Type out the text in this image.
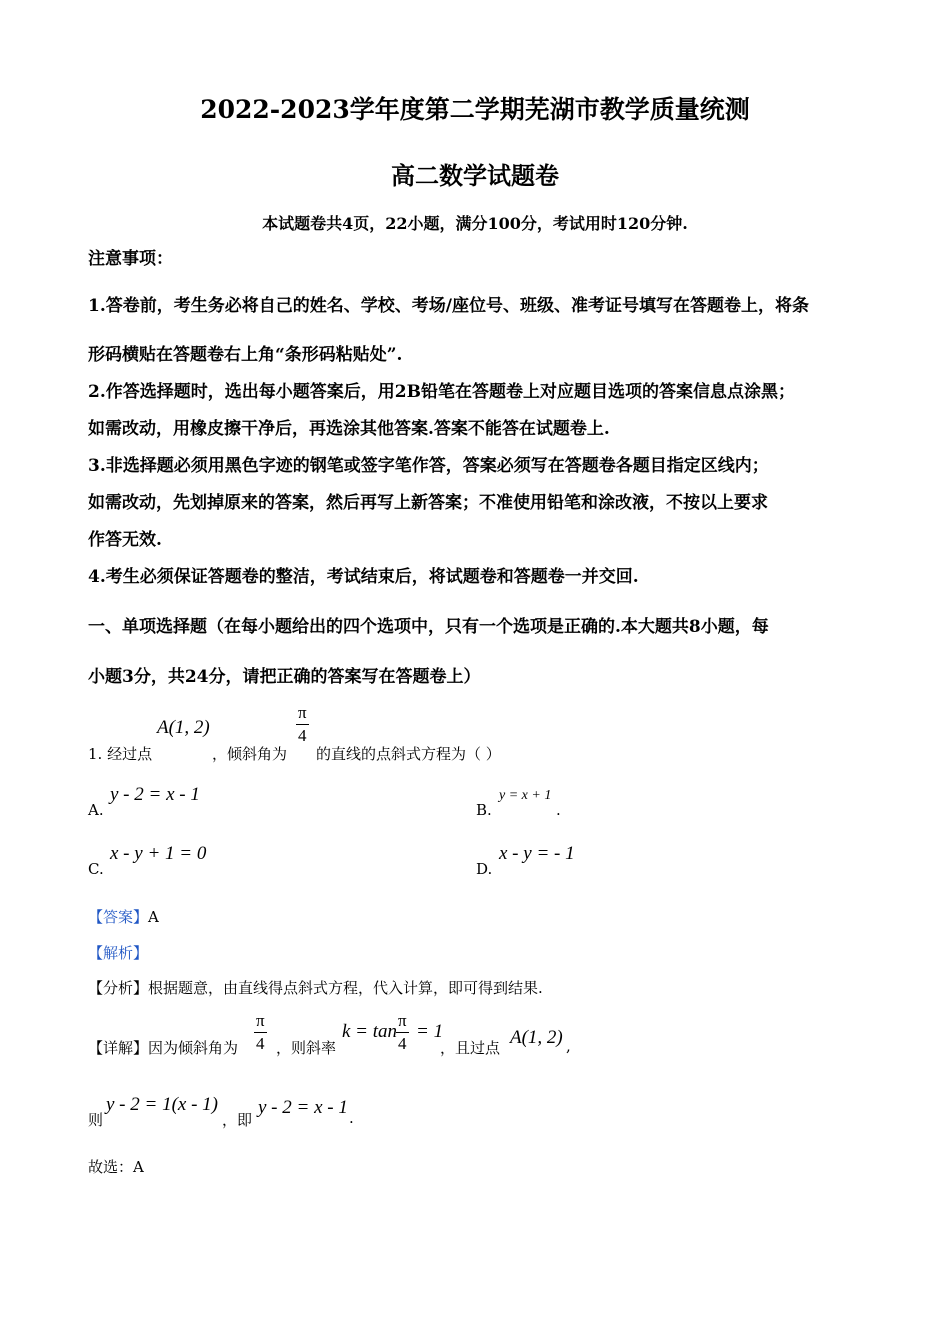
2022-2023学年度第二学期芜湖市教学质量统测
高二数学试题卷
本试题卷共4页，22小题，满分100分，考试用时120分钟.
注意事项：
1.答卷前，考生务必将自己的姓名、学校、考场/座位号、班级、准考证号填写在答题卷上，将条
形码横贴在答题卷右上角“条形码粘贴处”.
2.作答选择题时，选出每小题答案后，用2B铅笔在答题卷上对应题目选项的答案信息点涂黑；
如需改动，用橡皮擦干净后，再选涂其他答案.答案不能答在试题卷上.
3.非选择题必须用黑色字迹的钢笔或签字笔作答，答案必须写在答题卷各题目指定区线内；
如需改动，先划掉原来的答案，然后再写上新答案；不准使用铅笔和涂改液，不按以上要求
作答无效.
4.考生必须保证答题卷的整洁，考试结束后，将试题卷和答题卷一并交回.
一、单项选择题（在每小题给出的四个选项中，只有一个选项是正确的.本大题共8小题，每
小题3分，共24分，请把正确的答案写在答题卷上）
1. 经过点
A(1, 2)
，倾斜角为
$\frac{\pi}{4}$
的直线的点斜式方程为（ ）
A.
y - 2 = x - 1
B.
y = x + 1
.
C.
x - y + 1 = 0
D.
x - y = - 1
【答案】A
【解析】
【分析】根据题意，由直线得点斜式方程，代入计算，即可得到结果.
【详解】因为倾斜角为 $\frac{\pi}{4}$ ，则斜率
k = tan
$\frac{\pi}{4} = 1$
，且过点 A(1, 2) ,
则
y - 2 = 1(x - 1)
，即
y - 2 = x - 1 .
故选：A
